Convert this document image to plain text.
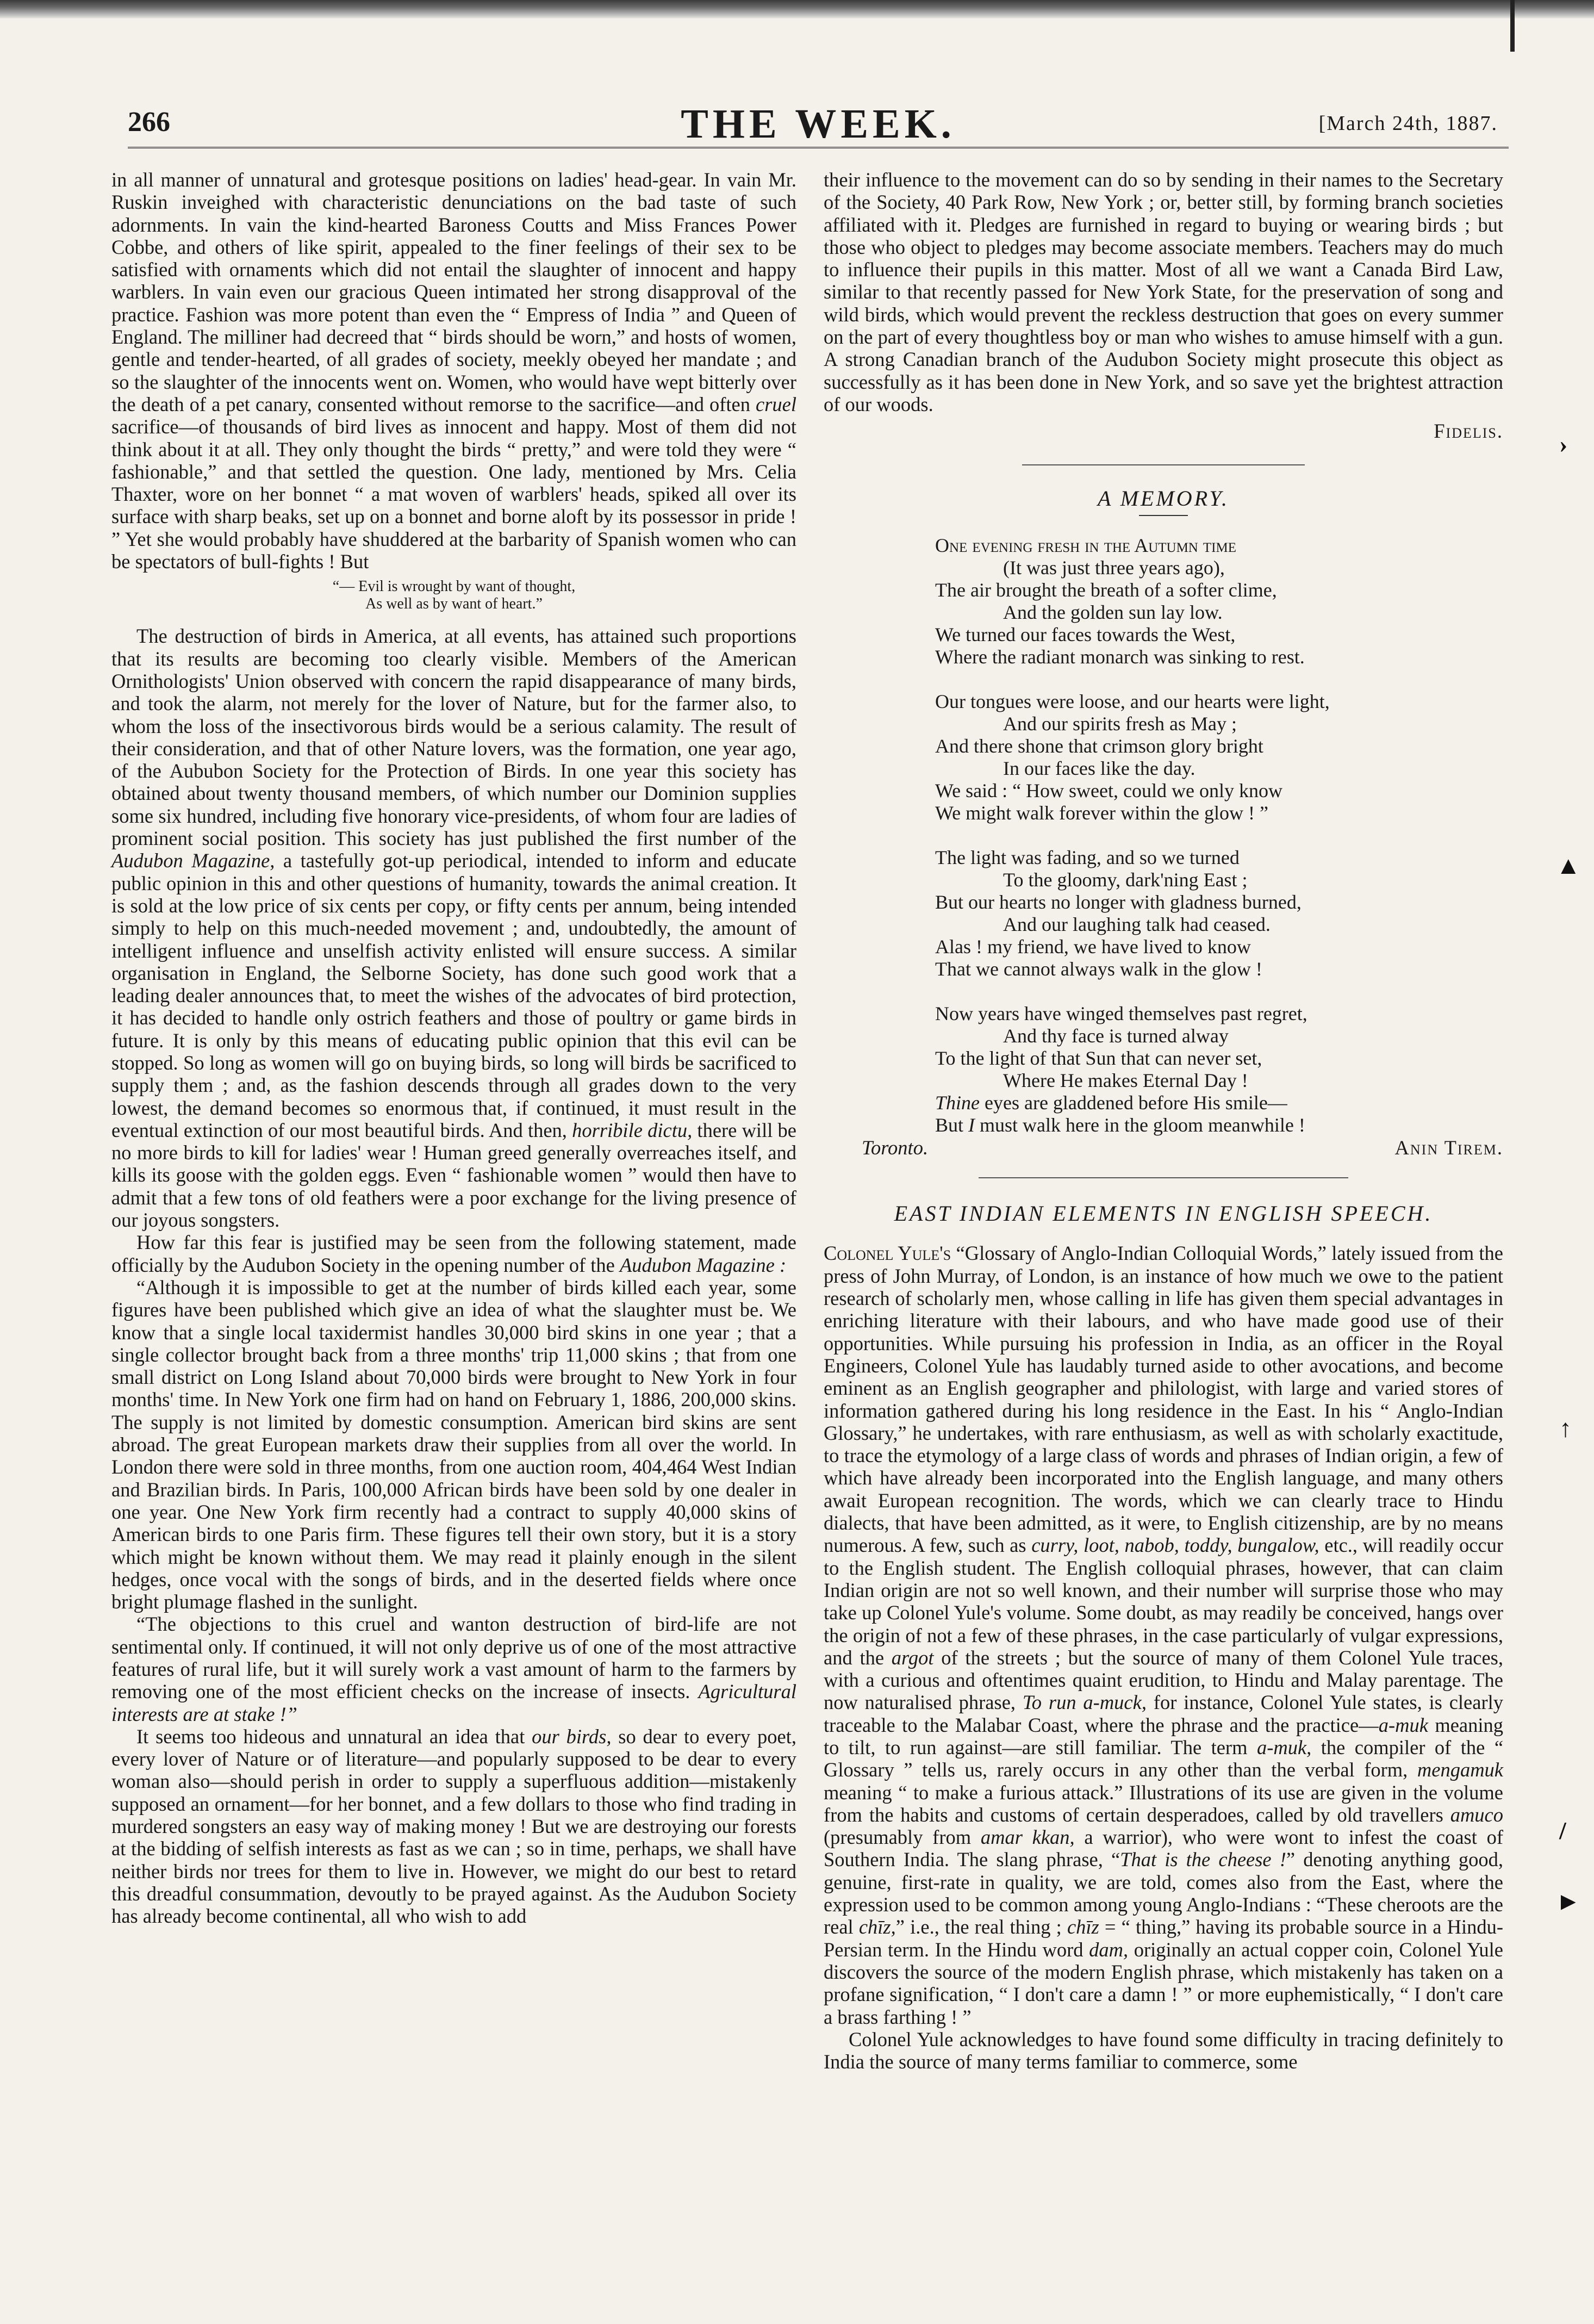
266	THE WEEK.	[March 24th, 1887.

in all manner of unnatural and grotesque positions on ladies' head-gear. In vain Mr. Ruskin inveighed with characteristic denunciations on the bad taste of such adornments. In vain the kind-hearted Baroness Coutts and Miss Frances Power Cobbe, and others of like spirit, appealed to the finer feelings of their sex to be satisfied with ornaments which did not entail the slaughter of innocent and happy warblers. In vain even our gracious Queen intimated her strong disapproval of the practice. Fashion was more potent than even the “ Empress of India ” and Queen of England. The milliner had decreed that “ birds should be worn,” and hosts of women, gentle and tender-hearted, of all grades of society, meekly obeyed her mandate ; and so the slaughter of the innocents went on. Women, who would have wept bitterly over the death of a pet canary, consented without remorse to the sacrifice—and often cruel sacrifice—of thousands of bird lives as innocent and happy. Most of them did not think about it at all. They only thought the birds “ pretty,” and were told they were “ fashionable,” and that settled the question. One lady, mentioned by Mrs. Celia Thaxter, wore on her bonnet “ a mat woven of warblers' heads, spiked all over its surface with sharp beaks, set up on a bonnet and borne aloft by its possessor in pride ! ” Yet she would probably have shuddered at the barbarity of Spanish women who can be spectators of bull-fights ! But

“— Evil is wrought by want of thought,
As well as by want of heart.”

The destruction of birds in America, at all events, has attained such proportions that its results are becoming too clearly visible. Members of the American Ornithologists' Union observed with concern the rapid disappearance of many birds, and took the alarm, not merely for the lover of Nature, but for the farmer also, to whom the loss of the insectivorous birds would be a serious calamity. The result of their consideration, and that of other Nature lovers, was the formation, one year ago, of the Aububon Society for the Protection of Birds. In one year this society has obtained about twenty thousand members, of which number our Dominion supplies some six hundred, including five honorary vice-presidents, of whom four are ladies of prominent social position. This society has just published the first number of the Audubon Magazine, a tastefully got-up periodical, intended to inform and educate public opinion in this and other questions of humanity, towards the animal creation. It is sold at the low price of six cents per copy, or fifty cents per annum, being intended simply to help on this much-needed movement ; and, undoubtedly, the amount of intelligent influence and unselfish activity enlisted will ensure success. A similar organisation in England, the Selborne Society, has done such good work that a leading dealer announces that, to meet the wishes of the advocates of bird protection, it has decided to handle only ostrich feathers and those of poultry or game birds in future. It is only by this means of educating public opinion that this evil can be stopped. So long as women will go on buying birds, so long will birds be sacrificed to supply them ; and, as the fashion descends through all grades down to the very lowest, the demand becomes so enormous that, if continued, it must result in the eventual extinction of our most beautiful birds. And then, horribile dictu, there will be no more birds to kill for ladies' wear ! Human greed generally overreaches itself, and kills its goose with the golden eggs. Even “ fashionable women ” would then have to admit that a few tons of old feathers were a poor exchange for the living presence of our joyous songsters.

How far this fear is justified may be seen from the following statement, made officially by the Audubon Society in the opening number of the Audubon Magazine :

“Although it is impossible to get at the number of birds killed each year, some figures have been published which give an idea of what the slaughter must be. We know that a single local taxidermist handles 30,000 bird skins in one year ; that a single collector brought back from a three months' trip 11,000 skins ; that from one small district on Long Island about 70,000 birds were brought to New York in four months' time. In New York one firm had on hand on February 1, 1886, 200,000 skins. The supply is not limited by domestic consumption. American bird skins are sent abroad. The great European markets draw their supplies from all over the world. In London there were sold in three months, from one auction room, 404,464 West Indian and Brazilian birds. In Paris, 100,000 African birds have been sold by one dealer in one year. One New York firm recently had a contract to supply 40,000 skins of American birds to one Paris firm. These figures tell their own story, but it is a story which might be known without them. We may read it plainly enough in the silent hedges, once vocal with the songs of birds, and in the deserted fields where once bright plumage flashed in the sunlight.

“The objections to this cruel and wanton destruction of bird-life are not sentimental only. If continued, it will not only deprive us of one of the most attractive features of rural life, but it will surely work a vast amount of harm to the farmers by removing one of the most efficient checks on the increase of insects. Agricultural interests are at stake !”

It seems too hideous and unnatural an idea that our birds, so dear to every poet, every lover of Nature or of literature—and popularly supposed to be dear to every woman also—should perish in order to supply a superfluous addition—mistakenly supposed an ornament—for her bonnet, and a few dollars to those who find trading in murdered songsters an easy way of making money ! But we are destroying our forests at the bidding of selfish interests as fast as we can ; so in time, perhaps, we shall have neither birds nor trees for them to live in. However, we might do our best to retard this dreadful consummation, devoutly to be prayed against. As the Audubon Society has already become continental, all who wish to add

their influence to the movement can do so by sending in their names to the Secretary of the Society, 40 Park Row, New York ; or, better still, by forming branch societies affiliated with it. Pledges are furnished in regard to buying or wearing birds ; but those who object to pledges may become associate members. Teachers may do much to influence their pupils in this matter. Most of all we want a Canada Bird Law, similar to that recently passed for New York State, for the preservation of song and wild birds, which would prevent the reckless destruction that goes on every summer on the part of every thoughtless boy or man who wishes to amuse himself with a gun. A strong Canadian branch of the Audubon Society might prosecute this object as successfully as it has been done in New York, and so save yet the brightest attraction of our woods.

Fidelis.

A MEMORY.

One evening fresh in the Autumn time
(It was just three years ago),
The air brought the breath of a softer clime,
And the golden sun lay low.
We turned our faces towards the West,
Where the radiant monarch was sinking to rest.
Our tongues were loose, and our hearts were light,
And our spirits fresh as May ;
And there shone that crimson glory bright
In our faces like the day.
We said : “ How sweet, could we only know
We might walk forever within the glow ! ”
The light was fading, and so we turned
To the gloomy, dark'ning East ;
But our hearts no longer with gladness burned,
And our laughing talk had ceased.
Alas ! my friend, we have lived to know
That we cannot always walk in the glow !
Now years have winged themselves past regret,
And thy face is turned alway
To the light of that Sun that can never set,
Where He makes Eternal Day !
Thine eyes are gladdened before His smile—
But I must walk here in the gloom meanwhile !
Toronto.	Anin Tirem.

EAST INDIAN ELEMENTS IN ENGLISH SPEECH.

Colonel Yule's “Glossary of Anglo-Indian Colloquial Words,” lately issued from the press of John Murray, of London, is an instance of how much we owe to the patient research of scholarly men, whose calling in life has given them special advantages in enriching literature with their labours, and who have made good use of their opportunities. While pursuing his profession in India, as an officer in the Royal Engineers, Colonel Yule has laudably turned aside to other avocations, and become eminent as an English geographer and philologist, with large and varied stores of information gathered during his long residence in the East. In his “ Anglo-Indian Glossary,” he undertakes, with rare enthusiasm, as well as with scholarly exactitude, to trace the etymology of a large class of words and phrases of Indian origin, a few of which have already been incorporated into the English language, and many others await European recognition. The words, which we can clearly trace to Hindu dialects, that have been admitted, as it were, to English citizenship, are by no means numerous. A few, such as curry, loot, nabob, toddy, bungalow, etc., will readily occur to the English student. The English colloquial phrases, however, that can claim Indian origin are not so well known, and their number will surprise those who may take up Colonel Yule's volume. Some doubt, as may readily be conceived, hangs over the origin of not a few of these phrases, in the case particularly of vulgar expressions, and the argot of the streets ; but the source of many of them Colonel Yule traces, with a curious and oftentimes quaint erudition, to Hindu and Malay parentage. The now naturalised phrase, To run a-muck, for instance, Colonel Yule states, is clearly traceable to the Malabar Coast, where the phrase and the practice—a-muk meaning to tilt, to run against—are still familiar. The term a-muk, the compiler of the “ Glossary ” tells us, rarely occurs in any other than the verbal form, mengamuk meaning “ to make a furious attack.” Illustrations of its use are given in the volume from the habits and customs of certain desperadoes, called by old travellers amuco (presumably from amar kkan, a warrior), who were wont to infest the coast of Southern India. The slang phrase, “That is the cheese !” denoting anything good, genuine, first-rate in quality, we are told, comes also from the East, where the expression used to be common among young Anglo-Indians : “These cheroots are the real chīz,” i.e., the real thing ; chīz = “ thing,” having its probable source in a Hindu-Persian term. In the Hindu word dam, originally an actual copper coin, Colonel Yule discovers the source of the modern English phrase, which mistakenly has taken on a profane signification, “ I don't care a damn ! ” or more euphemistically, “ I don't care a brass farthing ! ”

Colonel Yule acknowledges to have found some difficulty in tracing definitely to India the source of many terms familiar to commerce, some

›
▲
↑
/
►
